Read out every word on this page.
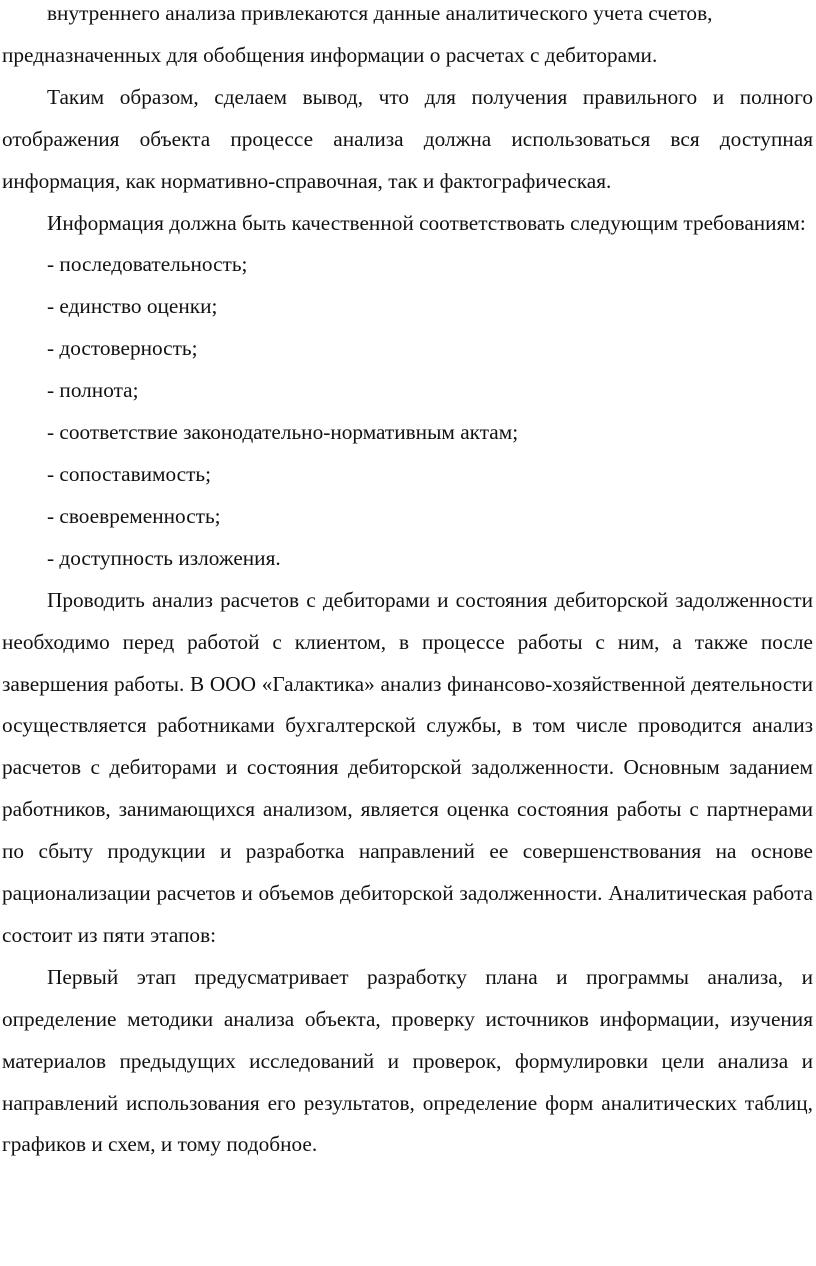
внутреннего анализа привлекаются данные аналитического учета счетов, предназначенных для обобщения информации о расчетах с дебиторами.

Таким образом, сделаем вывод, что для получения правильного и полного отображения объекта процессе анализа должна использоваться вся доступная информация, как нормативно-справочная, так и фактографическая.

Информация должна быть качественной соответствовать следующим требованиям:

- последовательность;
- единство оценки;
- достоверность;
- полнота;
- соответствие законодательно-нормативным актам;
- сопоставимость;
- своевременность;
- доступность изложения.

Проводить анализ расчетов с дебиторами и состояния дебиторской задолженности необходимо перед работой с клиентом, в процессе работы с ним, а также после завершения работы. В ООО «Галактика» анализ финансово-хозяйственной деятельности осуществляется работниками бухгалтерской службы, в том числе проводится анализ расчетов с дебиторами и состояния дебиторской задолженности. Основным заданием работников, занимающихся анализом, является оценка состояния работы с партнерами по сбыту продукции и разработка направлений ее совершенствования на основе рационализации расчетов и объемов дебиторской задолженности. Аналитическая работа состоит из пяти этапов:

Первый этап предусматривает разработку плана и программы анализа, и определение методики анализа объекта, проверку источников информации, изучения материалов предыдущих исследований и проверок, формулировки цели анализа и направлений использования его результатов, определение форм аналитических таблиц, графиков и схем, и тому подобное.
